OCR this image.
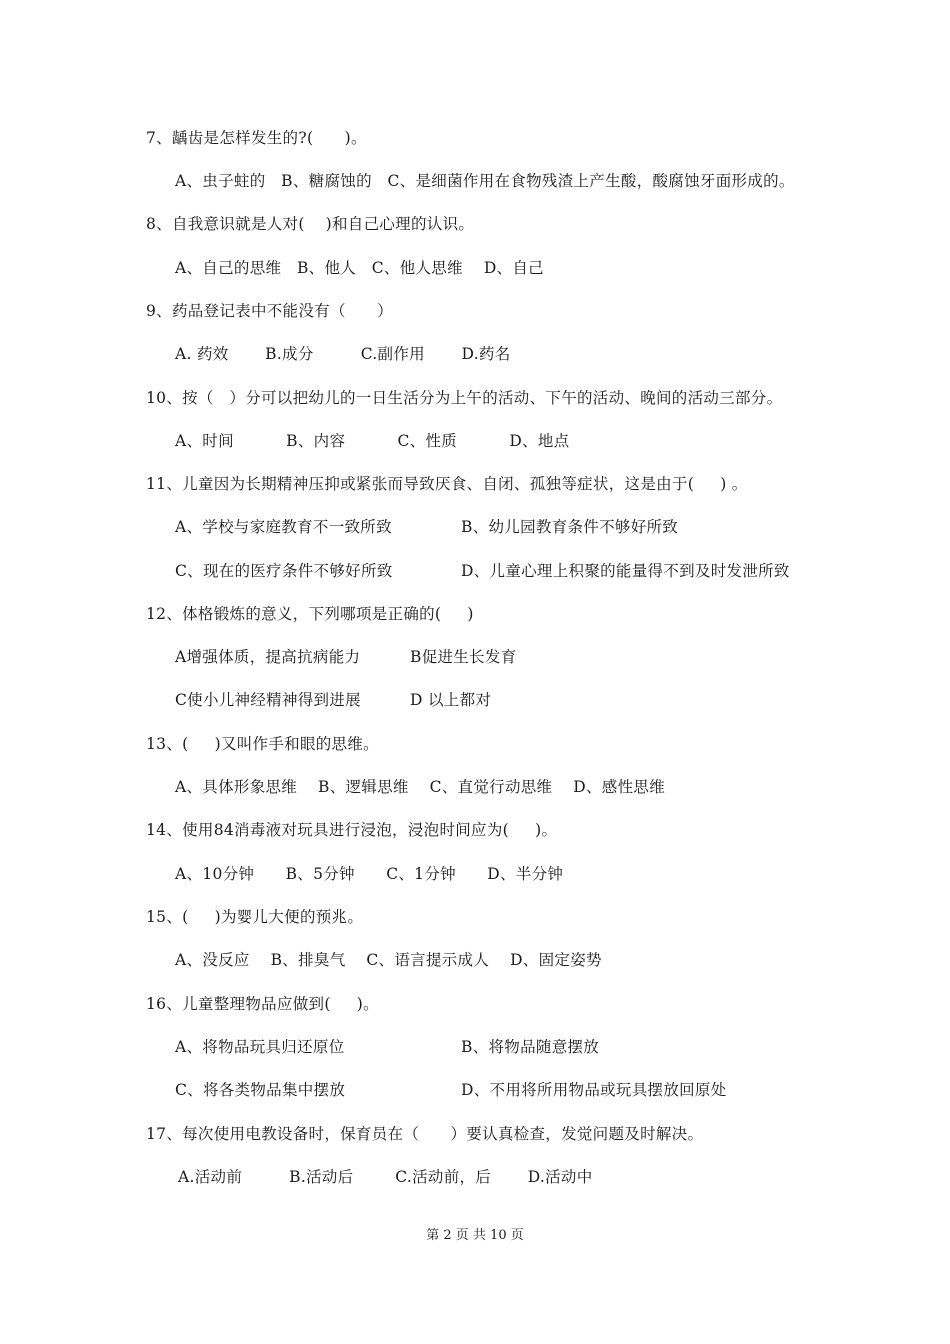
7、龋齿是怎样发生的?(      )。
A、虫子蛀的   B、糖腐蚀的   C、是细菌作用在食物残渣上产生酸，酸腐蚀牙面形成的。
8、自我意识就是人对(    )和自己心理的认识。
A、自己的思维   B、他人   C、他人思维    D、自己
9、药品登记表中不能没有（      ）
A. 药效       B.成分         C.副作用       D.药名
10、按（   ）分可以把幼儿的一日生活分为上午的活动、下午的活动、晚间的活动三部分。
A、时间          B、内容          C、性质          D、地点
11、儿童因为长期精神压抑或紧张而导致厌食、自闭、孤独等症状，这是由于(     ) 。
A、学校与家庭教育不一致所致	B、幼儿园教育条件不够好所致
C、现在的医疗条件不够好所致	D、儿童心理上积聚的能量得不到及时发泄所致
12、体格锻炼的意义，下列哪项是正确的(     )
A增强体质，提高抗病能力	B促进生长发育
C使小儿神经精神得到进展	D 以上都对
13、(     )又叫作手和眼的思维。
A、具体形象思维    B、逻辑思维    C、直觉行动思维    D、感性思维
14、使用84消毒液对玩具进行浸泡，浸泡时间应为(     )。
A、10分钟      B、5分钟      C、1分钟      D、半分钟
15、(     )为婴儿大便的预兆。
A、没反应    B、排臭气    C、语言提示成人    D、固定姿势
16、儿童整理物品应做到(     )。
A、将物品玩具归还原位	B、将物品随意摆放
C、将各类物品集中摆放	D、不用将所用物品或玩具摆放回原处
17、每次使用电教设备时，保育员在（      ）要认真检查，发觉问题及时解决。
A.活动前         B.活动后        C.活动前，后       D.活动中
第 2 页 共 10 页
